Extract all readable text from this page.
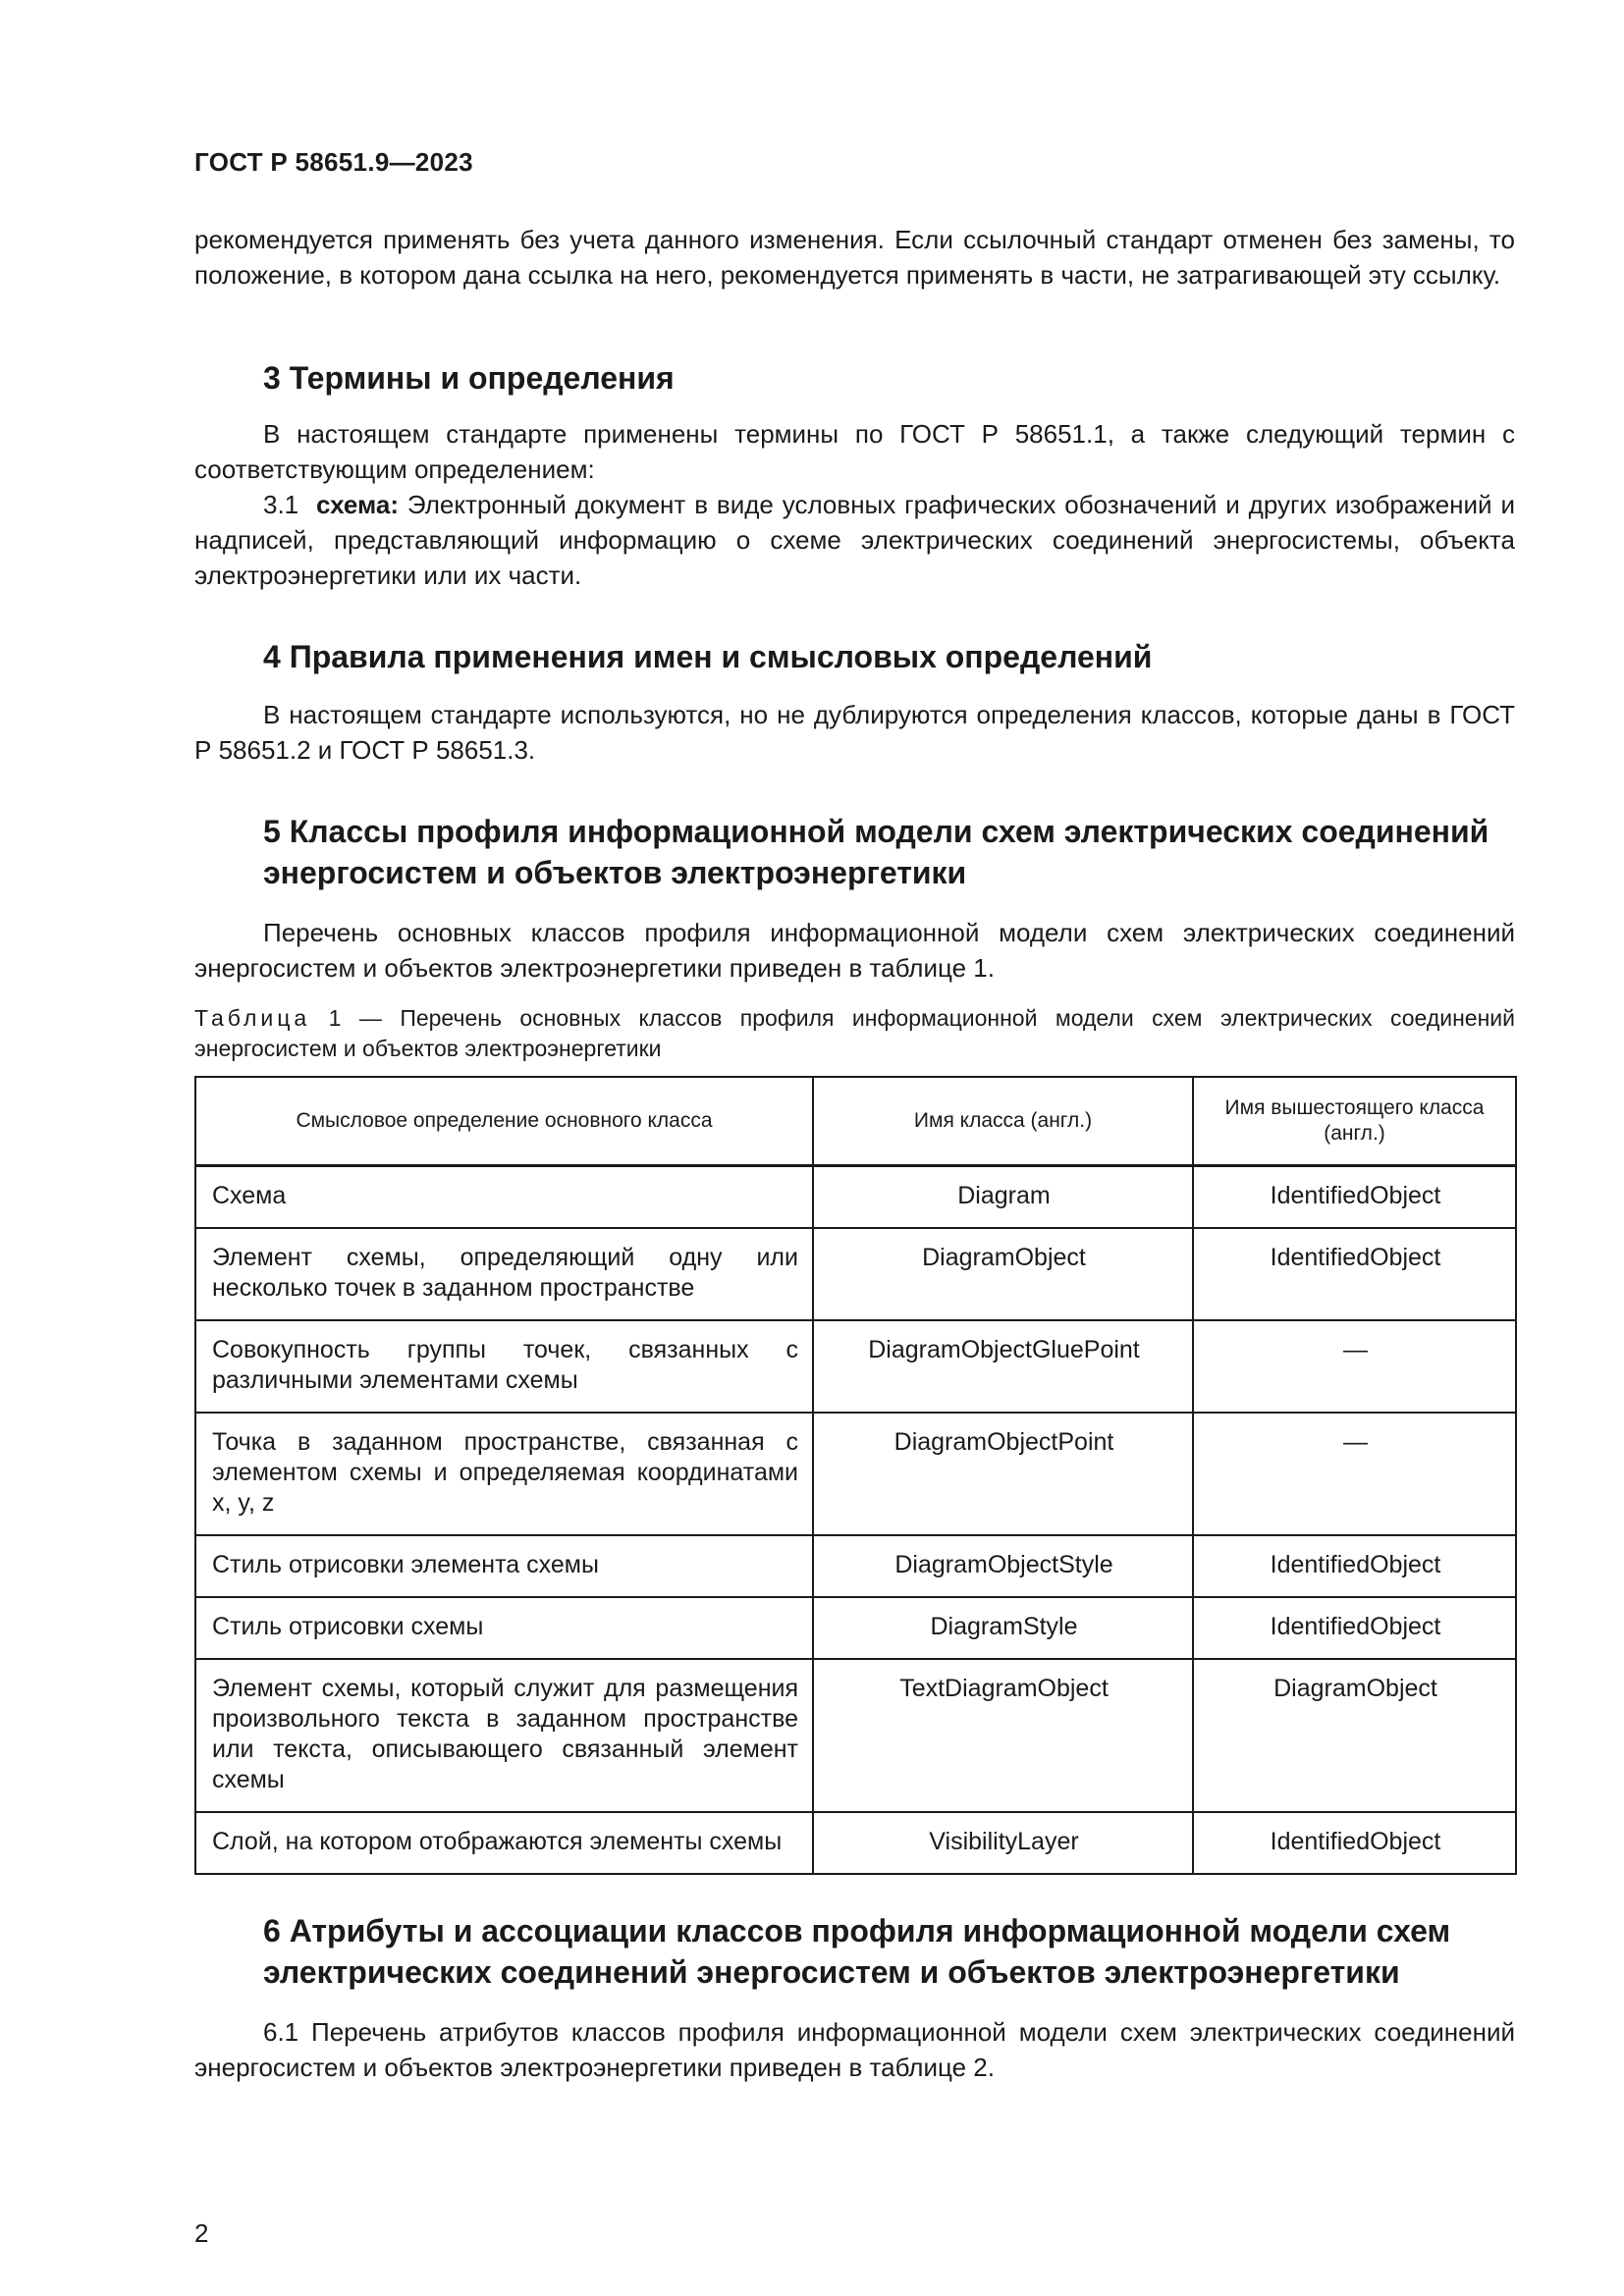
ГОСТ Р 58651.9—2023

рекомендуется применять без учета данного изменения. Если ссылочный стандарт отменен без замены, то положение, в котором дана ссылка на него, рекомендуется применять в части, не затрагивающей эту ссылку.

3 Термины и определения

В настоящем стандарте применены термины по ГОСТ Р 58651.1, а также следующий термин с соответствующим определением:

3.1 схема: Электронный документ в виде условных графических обозначений и других изображений и надписей, представляющий информацию о схеме электрических соединений энергосистемы, объекта электроэнергетики или их части.

4 Правила применения имен и смысловых определений

В настоящем стандарте используются, но не дублируются определения классов, которые даны в ГОСТ Р 58651.2 и ГОСТ Р 58651.3.

5 Классы профиля информационной модели схем электрических соединений энергосистем и объектов электроэнергетики

Перечень основных классов профиля информационной модели схем электрических соединений энергосистем и объектов электроэнергетики приведен в таблице 1.

Таблица 1 — Перечень основных классов профиля информационной модели схем электрических соединений энергосистем и объектов электроэнергетики

Смысловое определение основного класса	Имя класса (англ.)	Имя вышестоящего класса (англ.)
Схема	Diagram	IdentifiedObject
Элемент схемы, определяющий одну или несколько точек в заданном пространстве	DiagramObject	IdentifiedObject
Совокупность группы точек, связанных с различными элементами схемы	DiagramObjectGluePoint	—
Точка в заданном пространстве, связанная с элементом схемы и определяемая координатами x, y, z	DiagramObjectPoint	—
Стиль отрисовки элемента схемы	DiagramObjectStyle	IdentifiedObject
Стиль отрисовки схемы	DiagramStyle	IdentifiedObject
Элемент схемы, который служит для размещения произвольного текста в заданном пространстве или текста, описывающего связанный элемент схемы	TextDiagramObject	DiagramObject
Слой, на котором отображаются элементы схемы	VisibilityLayer	IdentifiedObject
6 Атрибуты и ассоциации классов профиля информационной модели схем электрических соединений энергосистем и объектов электроэнергетики

6.1 Перечень атрибутов классов профиля информационной модели схем электрических соединений энергосистем и объектов электроэнергетики приведен в таблице 2.

2
